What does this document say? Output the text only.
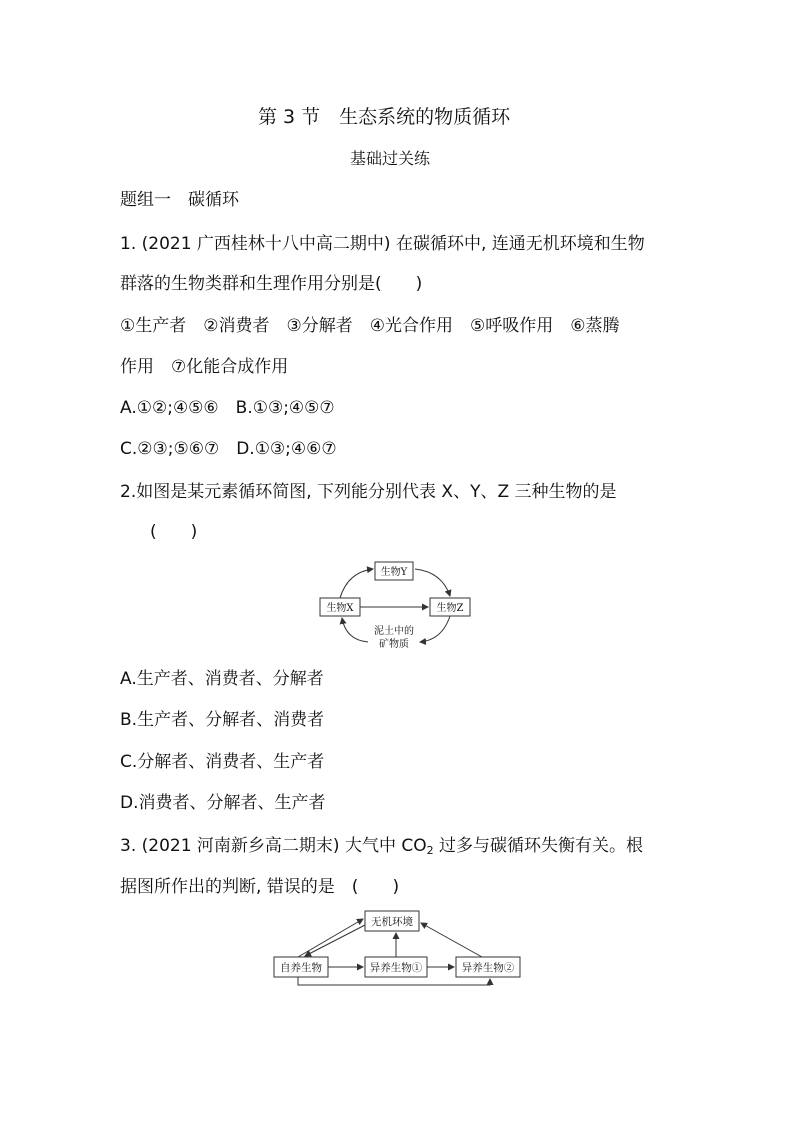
第 3 节　生态系统的物质循环
基础过关练
题组一　碳循环
1. (2021 广西桂林十八中高二期中) 在碳循环中, 连通无机环境和生物
群落的生物类群和生理作用分别是(　　)
①生产者　②消费者　③分解者　④光合作用　⑤呼吸作用　⑥蒸腾
作用　⑦化能合成作用
A.①②;④⑤⑥　B.①③;④⑤⑦
C.②③;⑤⑥⑦　D.①③;④⑥⑦
2.如图是某元素循环简图, 下列能分别代表 X、Y、Z 三种生物的是
(　　)
生物Y
生物X	生物Z
泥土中的
矿物质
A.生产者、消费者、分解者
B.生产者、分解者、消费者
C.分解者、消费者、生产者
D.消费者、分解者、生产者
3. (2021 河南新乡高二期末) 大气中 $CO_2$ 过多与碳循环失衡有关。根
据图所作出的判断, 错误的是　(　　)
无机环境
自养生物	异养生物①	异养生物②
